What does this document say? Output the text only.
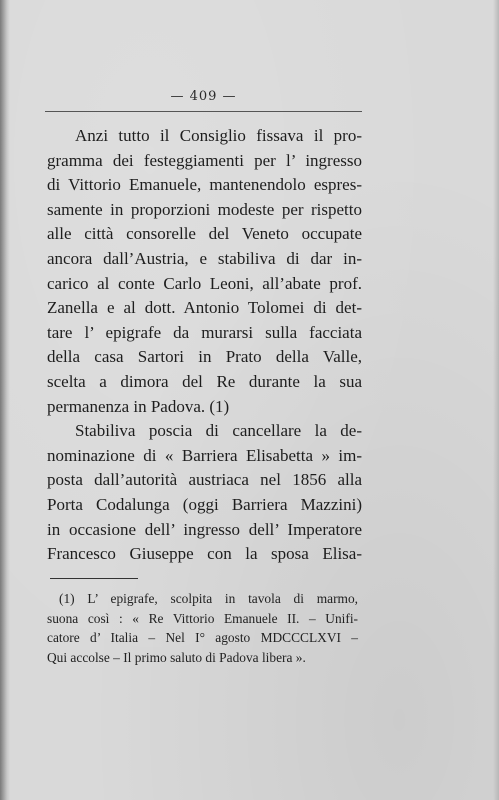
— 409 —
Anzi tutto il Consiglio fissava il pro-
gramma dei festeggiamenti per l’ ingresso
di Vittorio Emanuele, mantenendolo espres-
samente in proporzioni modeste per rispetto
alle città consorelle del Veneto occupate
ancora dall’Austria, e stabiliva di dar in-
carico al conte Carlo Leoni, all’abate prof.
Zanella e al dott. Antonio Tolomei di det-
tare l’ epigrafe da murarsi sulla facciata
della casa Sartori in Prato della Valle,
scelta a dimora del Re durante la sua
permanenza in Padova. (1)
Stabiliva poscia di cancellare la de-
nominazione di « Barriera Elisabetta » im-
posta dall’autorità austriaca nel 1856 alla
Porta Codalunga (oggi Barriera Mazzini)
in occasione dell’ ingresso dell’ Imperatore
Francesco Giuseppe con la sposa Elisa-
(1) L’ epigrafe, scolpita in tavola di marmo,
suona così : « Re Vittorio Emanuele II. – Unifi-
catore d’ Italia – Nel I° agosto MDCCCLXVI –
Qui accolse – Il primo saluto di Padova libera ».
